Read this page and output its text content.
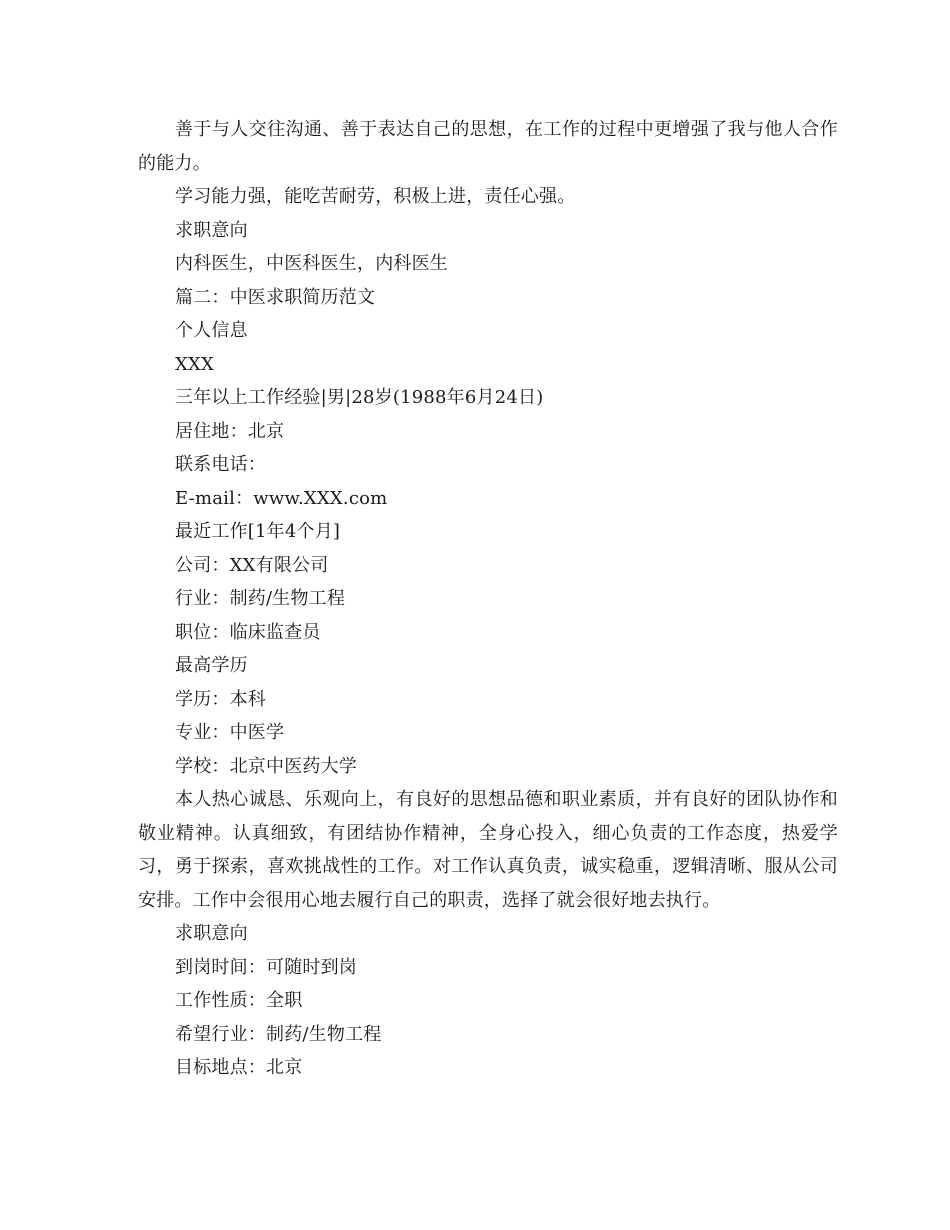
善于与人交往沟通、善于表达自己的思想，在工作的过程中更增强了我与他人合作的能力。

学习能力强，能吃苦耐劳，积极上进，责任心强。

求职意向

内科医生，中医科医生，内科医生

篇二：中医求职简历范文

个人信息

XXX

三年以上工作经验|男|28岁(1988年6月24日)

居住地：北京

联系电话：

E-mail：www.XXX.com

最近工作[1年4个月]

公司：XX有限公司

行业：制药/生物工程

职位：临床监查员

最高学历

学历：本科

专业：中医学

学校：北京中医药大学

本人热心诚恳、乐观向上，有良好的思想品德和职业素质，并有良好的团队协作和敬业精神。认真细致，有团结协作精神，全身心投入，细心负责的工作态度，热爱学习，勇于探索，喜欢挑战性的工作。对工作认真负责，诚实稳重，逻辑清晰、服从公司安排。工作中会很用心地去履行自己的职责，选择了就会很好地去执行。

求职意向

到岗时间：可随时到岗

工作性质：全职

希望行业：制药/生物工程

目标地点：北京
